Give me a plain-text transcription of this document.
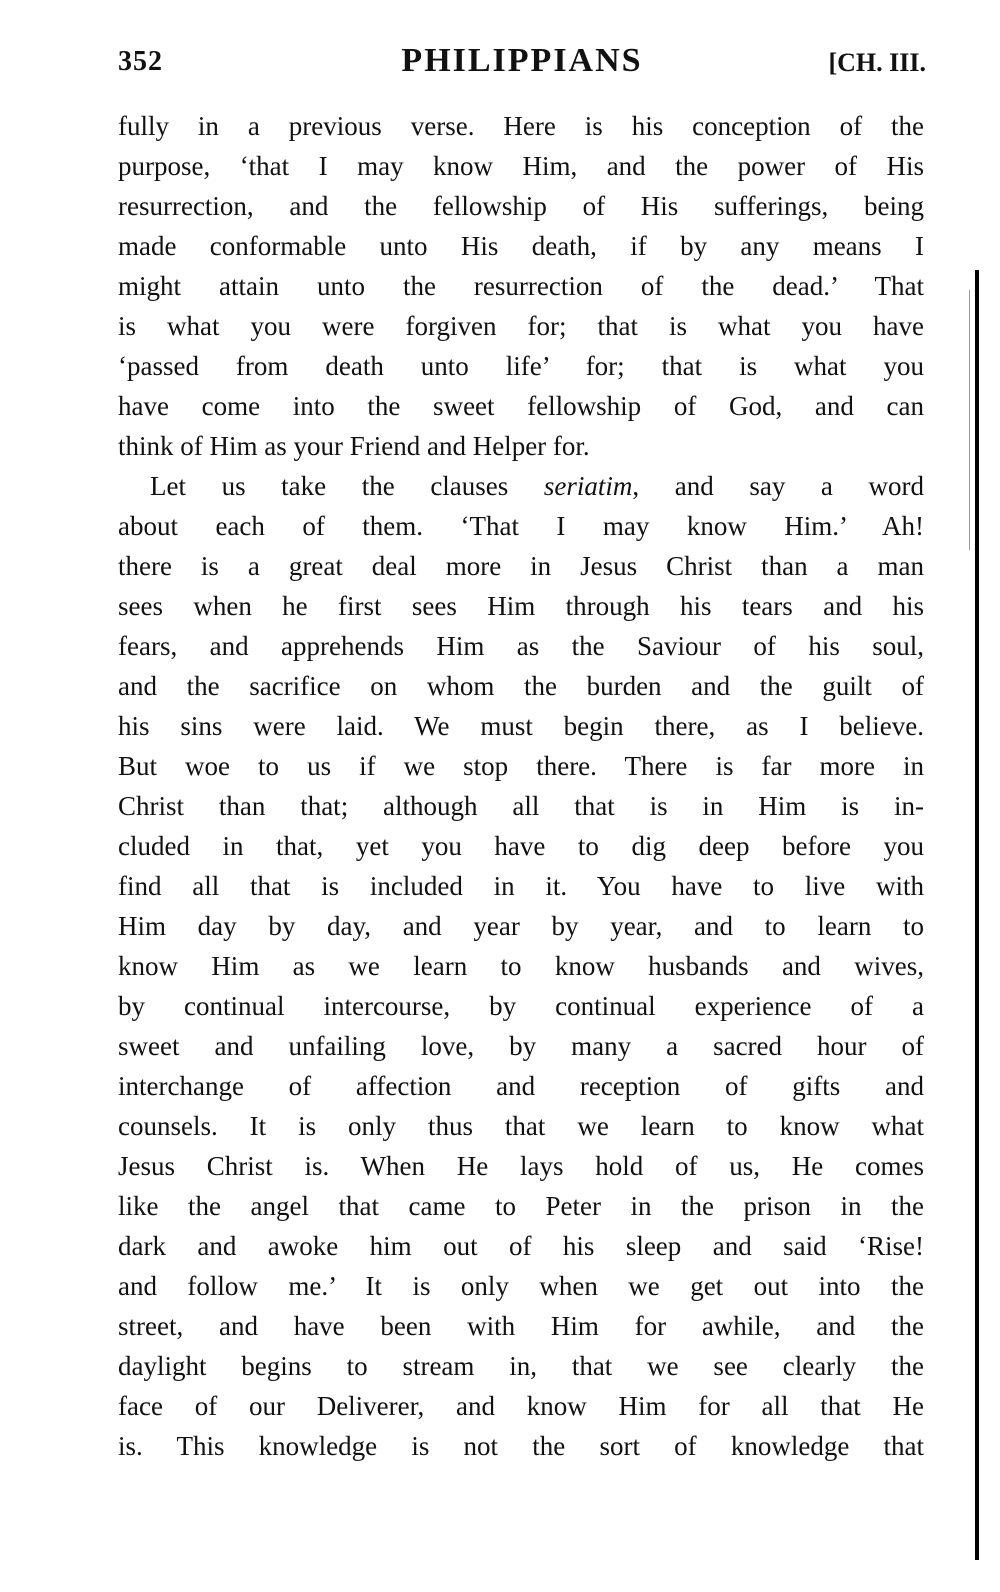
352	PHILIPPIANS	[CH. III.
fully in a previous verse. Here is his conception of the
purpose, ‘that I may know Him, and the power of His
resurrection, and the fellowship of His sufferings, being
made conformable unto His death, if by any means I
might attain unto the resurrection of the dead.’ That
is what you were forgiven for; that is what you have
‘passed from death unto life’ for; that is what you
have come into the sweet fellowship of God, and can
think of Him as your Friend and Helper for.
Let us take the clauses seriatim, and say a word
about each of them. ‘That I may know Him.’ Ah!
there is a great deal more in Jesus Christ than a man
sees when he first sees Him through his tears and his
fears, and apprehends Him as the Saviour of his soul,
and the sacrifice on whom the burden and the guilt of
his sins were laid. We must begin there, as I believe.
But woe to us if we stop there. There is far more in
Christ than that; although all that is in Him is in-
cluded in that, yet you have to dig deep before you
find all that is included in it. You have to live with
Him day by day, and year by year, and to learn to
know Him as we learn to know husbands and wives,
by continual intercourse, by continual experience of a
sweet and unfailing love, by many a sacred hour of
interchange of affection and reception of gifts and
counsels. It is only thus that we learn to know what
Jesus Christ is. When He lays hold of us, He comes
like the angel that came to Peter in the prison in the
dark and awoke him out of his sleep and said ‘Rise!
and follow me.’ It is only when we get out into the
street, and have been with Him for awhile, and the
daylight begins to stream in, that we see clearly the
face of our Deliverer, and know Him for all that He
is. This knowledge is not the sort of knowledge that
